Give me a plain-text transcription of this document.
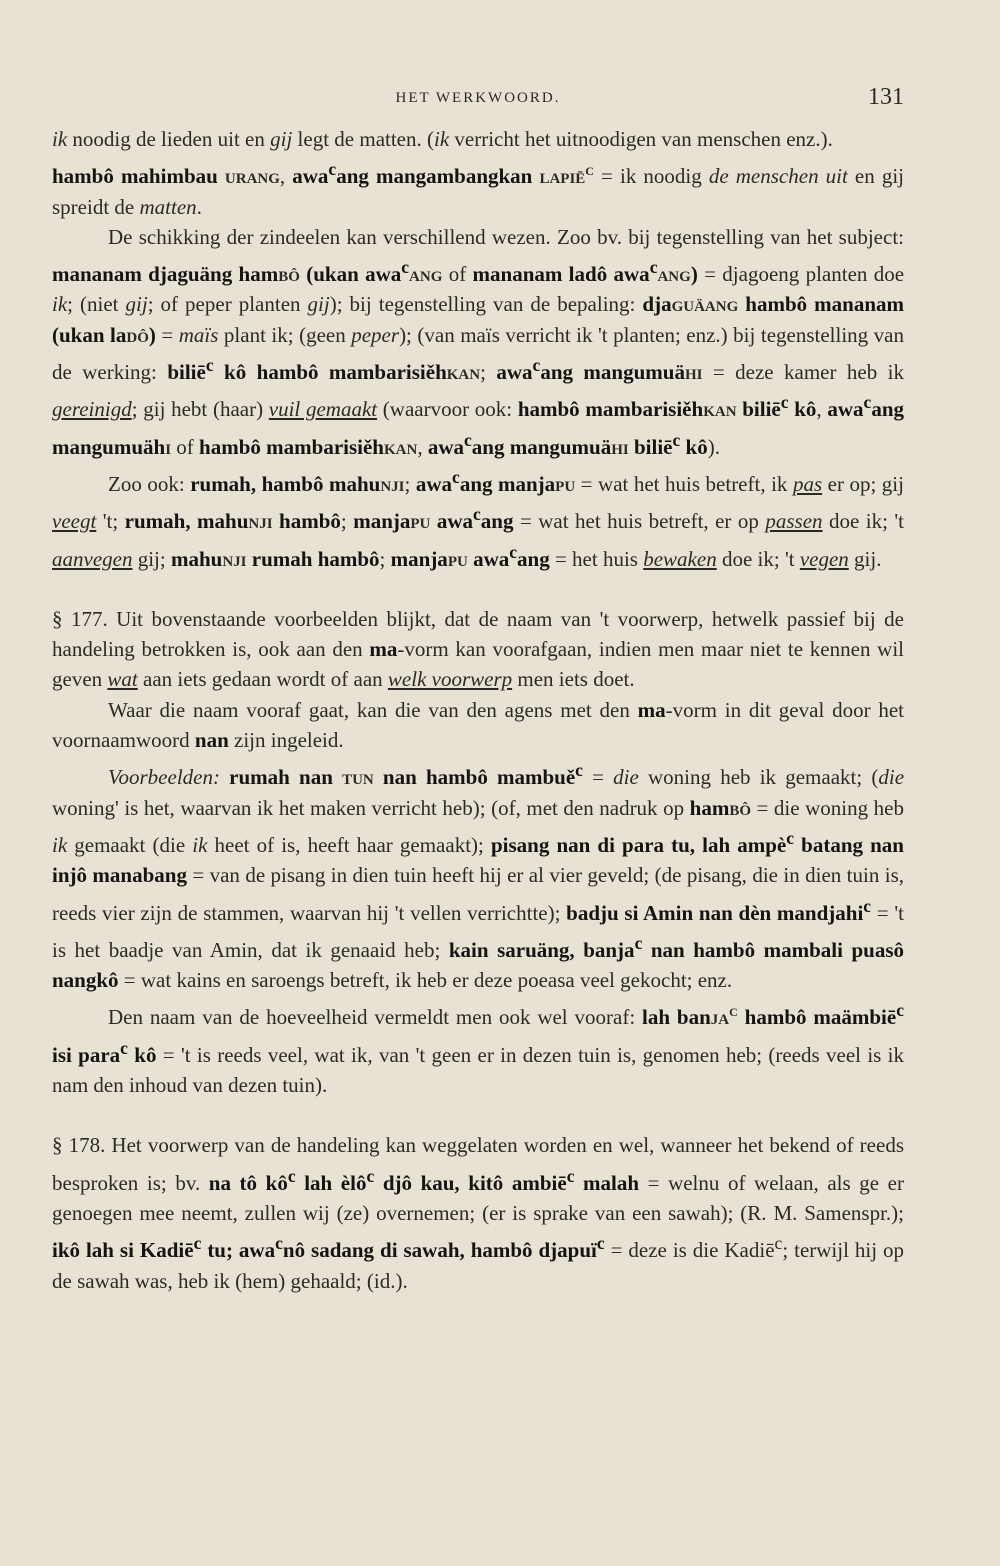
HET WERKWOORD.	131

ik noodig de lieden uit en gij legt de matten. (ik verricht het uitnoodigen van menschen enz.).

hambô mahimbau urang, awa$^c$ang mangambangkan lapiē$^c$ = ik noodig de menschen uit en gij spreidt de matten.

De schikking der zindeelen kan verschillend wezen. Zoo bv. bij tegenstelling van het subject: mananam djaguäng hambô (ukan awa$^c$ang of mananam ladô awa$^c$ang) = djagoeng planten doe ik; (niet gij; of peper planten gij); bij tegenstelling van de bepaling: djaguäang hambô mananam (ukan ladô) = maïs plant ik; (geen peper); (van maïs verricht ik 't planten; enz.) bij tegenstelling van de werking: biliē$^c$ kô hambô mambarisiěhkan; awa$^c$ang mangumuähi = deze kamer heb ik gereinigd; gij hebt (haar) vuil gemaakt (waarvoor ook: hambô mambarisiěhkan biliē$^c$ kô, awa$^c$ang mangumuähi of hambô mambarisiěhkan, awa$^c$ang mangumuähi biliē$^c$ kô).

Zoo ook: rumah, hambô mahunji; awa$^c$ang manjapu = wat het huis betreft, ik pas er op; gij veegt 't; rumah, mahunji hambô; manjapu awa$^c$ang = wat het huis betreft, er op passen doe ik; 't aanvegen gij; mahunji rumah hambô; manjapu awa$^c$ang = het huis bewaken doe ik; 't vegen gij.

§ 177. Uit bovenstaande voorbeelden blijkt, dat de naam van 't voorwerp, hetwelk passief bij de handeling betrokken is, ook aan den ma-vorm kan voorafgaan, indien men maar niet te kennen wil geven wat aan iets gedaan wordt of aan welk voorwerp men iets doet.

Waar die naam vooraf gaat, kan die van den agens met den ma-vorm in dit geval door het voornaamwoord nan zijn ingeleid.

Voorbeelden: rumah nan tun nan hambô mambuě$^c$ = die woning heb ik gemaakt; (die woning' is het, waarvan ik het maken verricht heb); (of, met den nadruk op hambô = die woning heb ik gemaakt (die ik heet of is, heeft haar gemaakt); pisang nan di para tu, lah ampè$^c$ batang nan injô manabang = van de pisang in dien tuin heeft hij er al vier geveld; (de pisang, die in dien tuin is, reeds vier zijn de stammen, waarvan hij 't vellen verrichtte); badju si Amin nan dèn mandjahi$^c$ = 't is het baadje van Amin, dat ik genaaid heb; kain saruäng, banja$^c$ nan hambô mambali puasô nangkô = wat kains en saroengs betreft, ik heb er deze poeasa veel gekocht; enz.

Den naam van de hoeveelheid vermeldt men ook wel vooraf: lah banja$^c$ hambô maämbiē$^c$ isi para$^c$ kô = 't is reeds veel, wat ik, van 't geen er in dezen tuin is, genomen heb; (reeds veel is ik nam den inhoud van dezen tuin).

§ 178. Het voorwerp van de handeling kan weggelaten worden en wel, wanneer het bekend of reeds besproken is; bv. na tô $kô^c$ lah èlô$^c$ djô kau, kitô ambiē$^c$ malah = welnu of welaan, als ge er genoegen mee neemt, zullen wij (ze) overnemen; (er is sprake van een sawah); (R. M. Samenspr.); ikô lah si Kadiē$^c$ tu; awa$^c$nô sadang di sawah, hambô djapuï$^c$ = deze is die Kadiē$^c$; terwijl hij op de sawah was, heb ik (hem) gehaald; (id.).
